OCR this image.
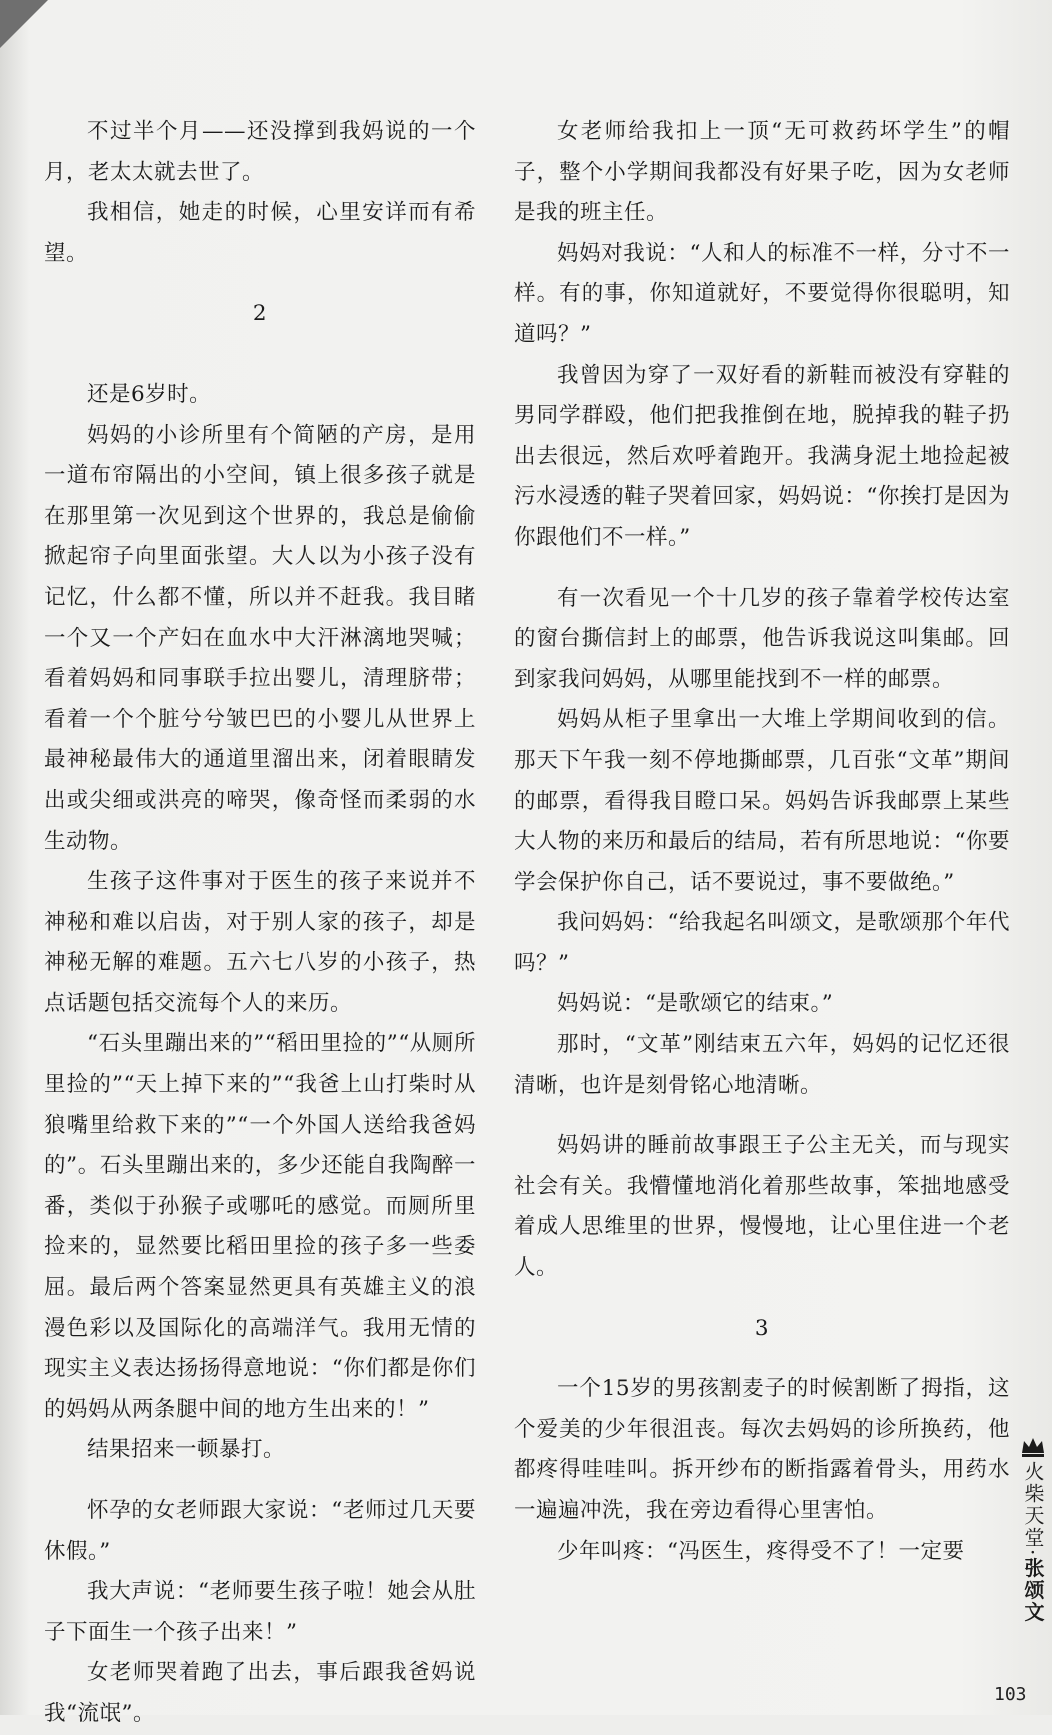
不过半个月——还没撑到我妈说的一个月，老太太就去世了。

我相信，她走的时候，心里安详而有希望。

2

还是6岁时。

妈妈的小诊所里有个简陋的产房，是用一道布帘隔出的小空间，镇上很多孩子就是在那里第一次见到这个世界的，我总是偷偷掀起帘子向里面张望。大人以为小孩子没有记忆，什么都不懂，所以并不赶我。我目睹一个又一个产妇在血水中大汗淋漓地哭喊；看着妈妈和同事联手拉出婴儿，清理脐带；看着一个个脏兮兮皱巴巴的小婴儿从世界上最神秘最伟大的通道里溜出来，闭着眼睛发出或尖细或洪亮的啼哭，像奇怪而柔弱的水生动物。

生孩子这件事对于医生的孩子来说并不神秘和难以启齿，对于别人家的孩子，却是神秘无解的难题。五六七八岁的小孩子，热点话题包括交流每个人的来历。

“石头里蹦出来的”“稻田里捡的”“从厕所里捡的”“天上掉下来的”“我爸上山打柴时从狼嘴里给救下来的”“一个外国人送给我爸妈的”。石头里蹦出来的，多少还能自我陶醉一番，类似于孙猴子或哪吒的感觉。而厕所里捡来的，显然要比稻田里捡的孩子多一些委屈。最后两个答案显然更具有英雄主义的浪漫色彩以及国际化的高端洋气。我用无情的现实主义表达扬扬得意地说：“你们都是你们的妈妈从两条腿中间的地方生出来的！”

结果招来一顿暴打。

怀孕的女老师跟大家说：“老师过几天要休假。”

我大声说：“老师要生孩子啦！她会从肚子下面生一个孩子出来！”

女老师哭着跑了出去，事后跟我爸妈说我“流氓”。

女老师给我扣上一顶“无可救药坏学生”的帽子，整个小学期间我都没有好果子吃，因为女老师是我的班主任。

妈妈对我说：“人和人的标准不一样，分寸不一样。有的事，你知道就好，不要觉得你很聪明，知道吗？”

我曾因为穿了一双好看的新鞋而被没有穿鞋的男同学群殴，他们把我推倒在地，脱掉我的鞋子扔出去很远，然后欢呼着跑开。我满身泥土地捡起被污水浸透的鞋子哭着回家，妈妈说：“你挨打是因为你跟他们不一样。”

有一次看见一个十几岁的孩子靠着学校传达室的窗台撕信封上的邮票，他告诉我说这叫集邮。回到家我问妈妈，从哪里能找到不一样的邮票。

妈妈从柜子里拿出一大堆上学期间收到的信。那天下午我一刻不停地撕邮票，几百张“文革”期间的邮票，看得我目瞪口呆。妈妈告诉我邮票上某些大人物的来历和最后的结局，若有所思地说：“你要学会保护你自己，话不要说过，事不要做绝。”

我问妈妈：“给我起名叫颂文，是歌颂那个年代吗？”

妈妈说：“是歌颂它的结束。”

那时，“文革”刚结束五六年，妈妈的记忆还很清晰，也许是刻骨铭心地清晰。

妈妈讲的睡前故事跟王子公主无关，而与现实社会有关。我懵懂地消化着那些故事，笨拙地感受着成人思维里的世界，慢慢地，让心里住进一个老人。

3

一个15岁的男孩割麦子的时候割断了拇指，这个爱美的少年很沮丧。每次去妈妈的诊所换药，他都疼得哇哇叫。拆开纱布的断指露着骨头，用药水一遍遍冲洗，我在旁边看得心里害怕。

少年叫疼：“冯医生，疼得受不了！一定要

火柴天堂·张颂文
103
